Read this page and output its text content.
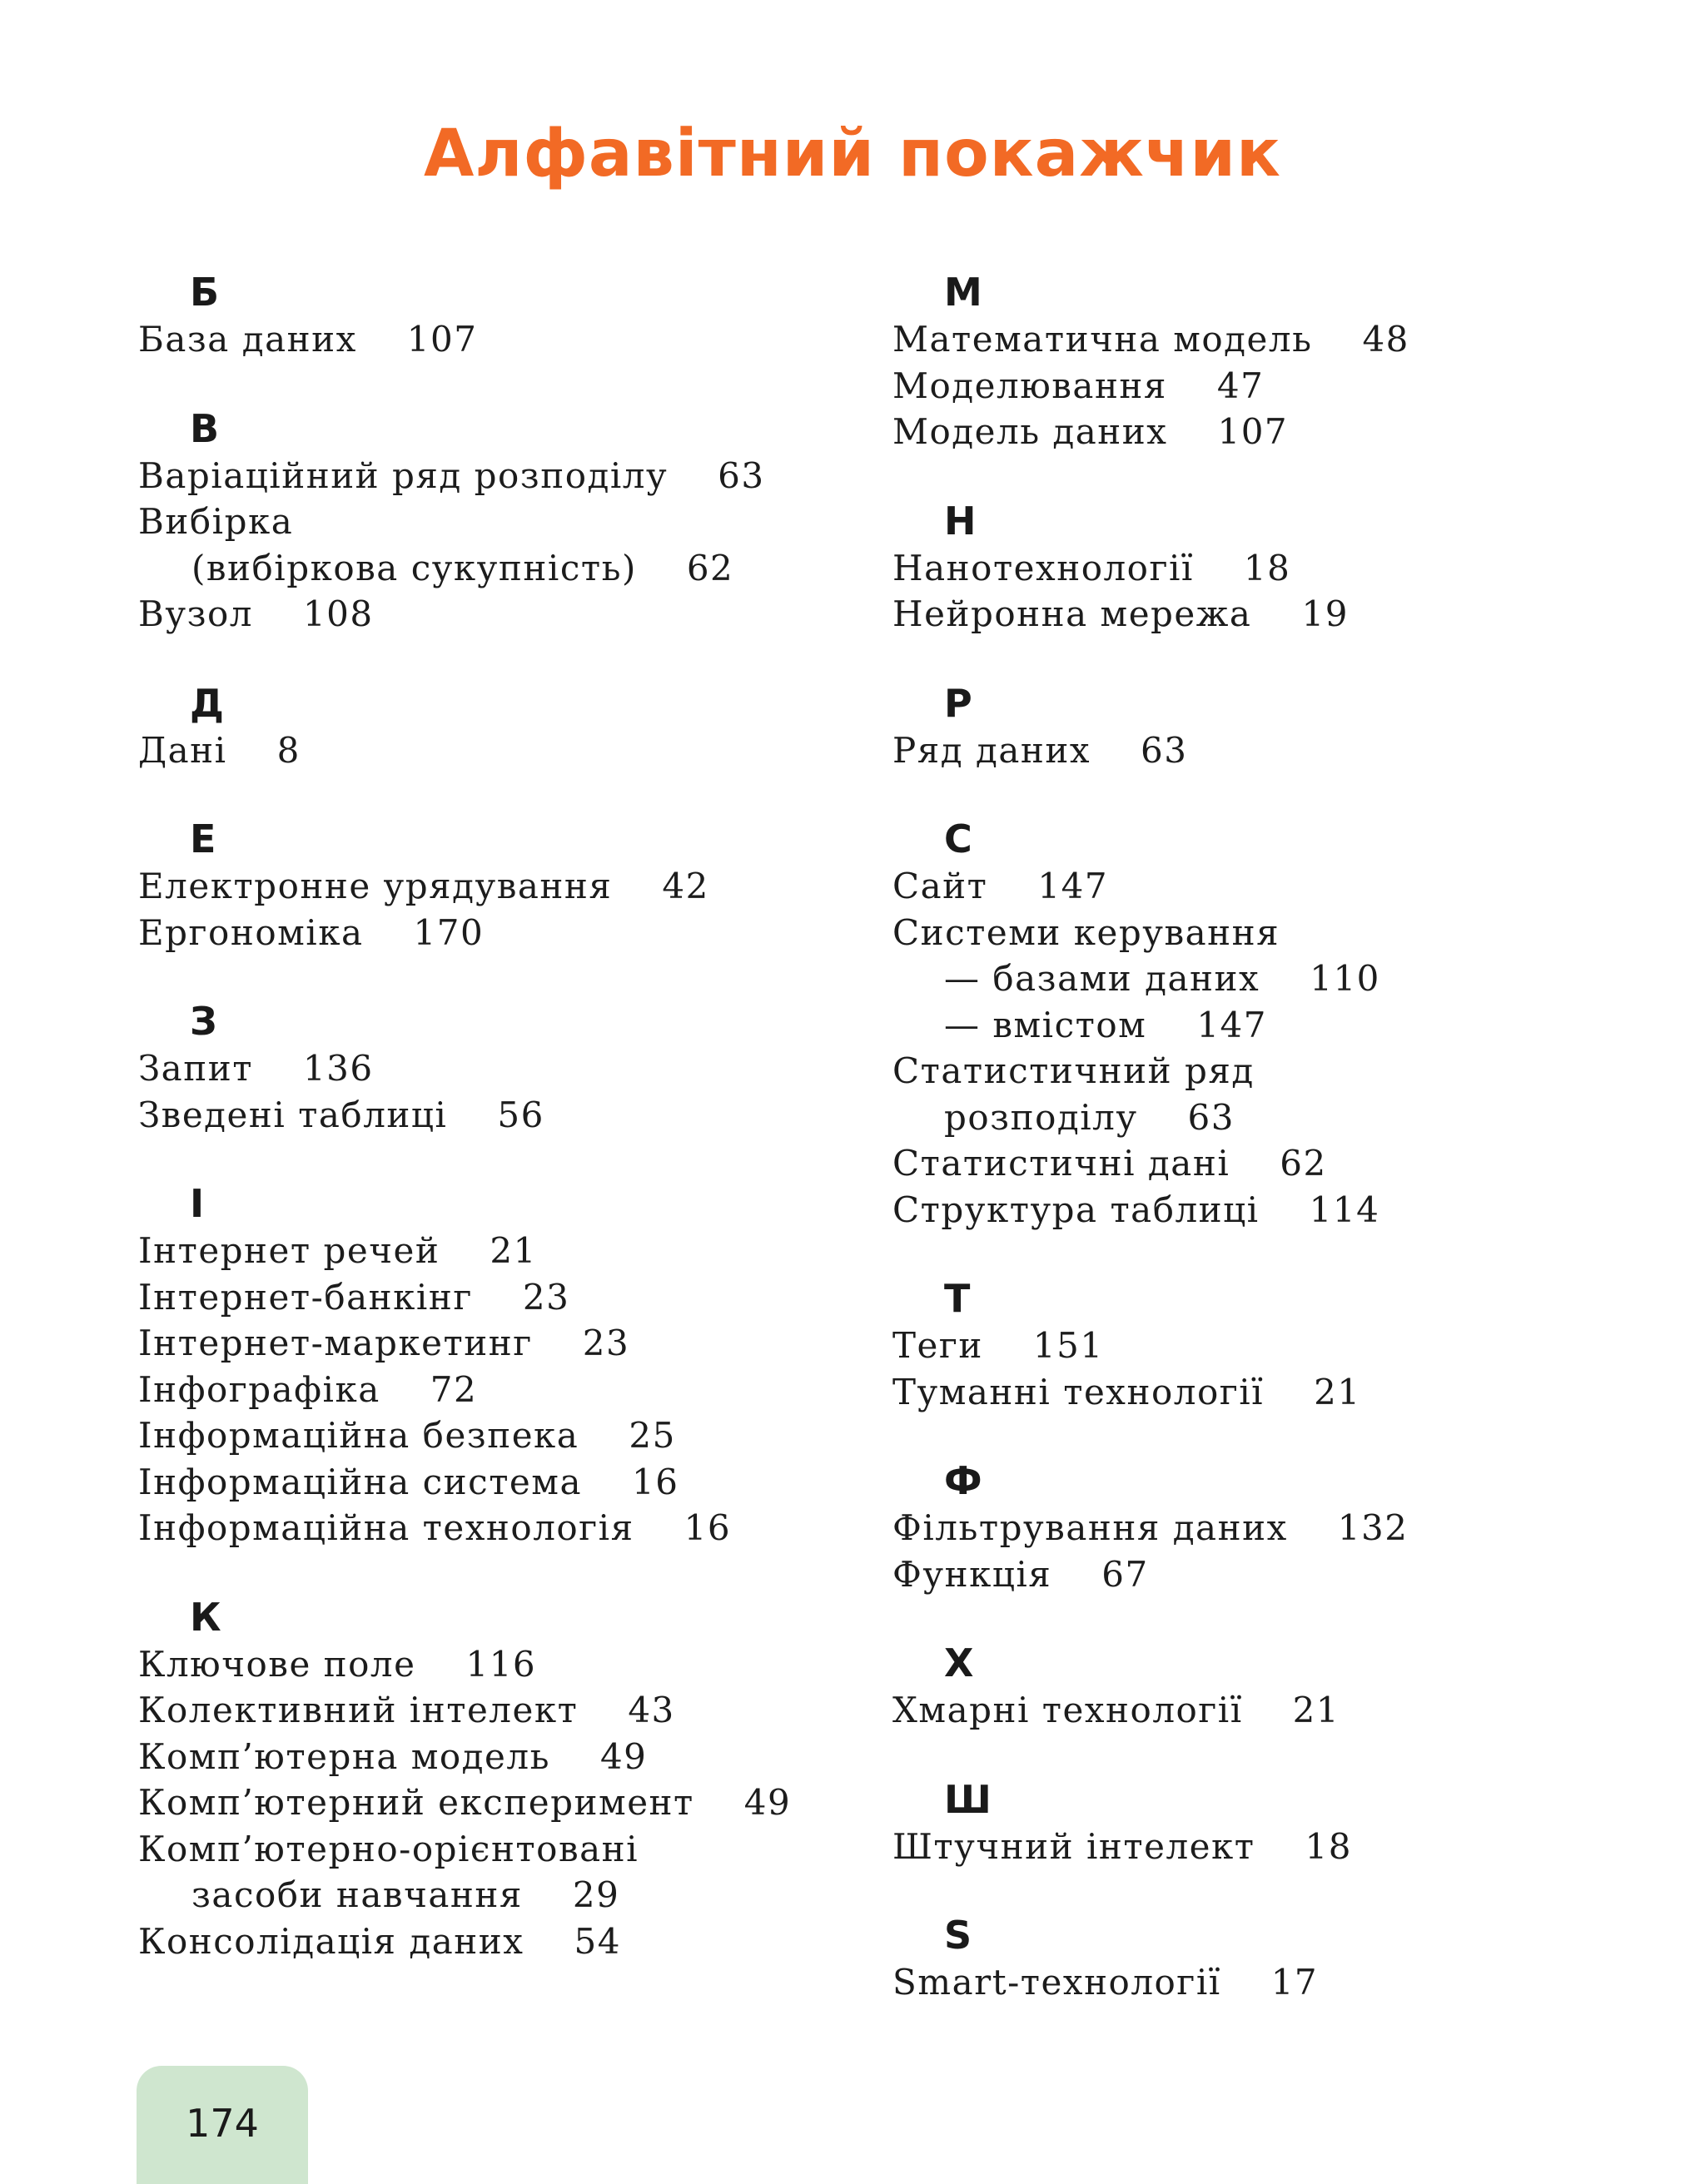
Алфавітний покажчик
Б
База даних 107
В
Варіаційний ряд розподілу 63
Вибірка
(вибіркова сукупність) 62
Вузол 108
Д
Дані 8
Е
Електронне урядування 42
Ергономіка 170
З
Запит 136
Зведені таблиці 56
І
Інтернет речей 21
Інтернет-банкінг 23
Інтернет-маркетинг 23
Інфографіка 72
Інформаційна безпека 25
Інформаційна система 16
Інформаційна технологія 16
К
Ключове поле 116
Колективний інтелект 43
Комп’ютерна модель 49
Комп’ютерний експеримент 49
Комп’ютерно-орієнтовані
засоби навчання 29
Консолідація даних 54
М
Математична модель 48
Моделювання 47
Модель даних 107
Н
Нанотехнології 18
Нейронна мережа 19
Р
Ряд даних 63
С
Сайт 147
Системи керування
— базами даних 110
— вмістом 147
Статистичний ряд
розподілу 63
Статистичні дані 62
Структура таблиці 114
Т
Теги 151
Туманні технології 21
Ф
Фільтрування даних 132
Функція 67
Х
Хмарні технології 21
Ш
Штучний інтелект 18
S
Smart-технології 17
174
